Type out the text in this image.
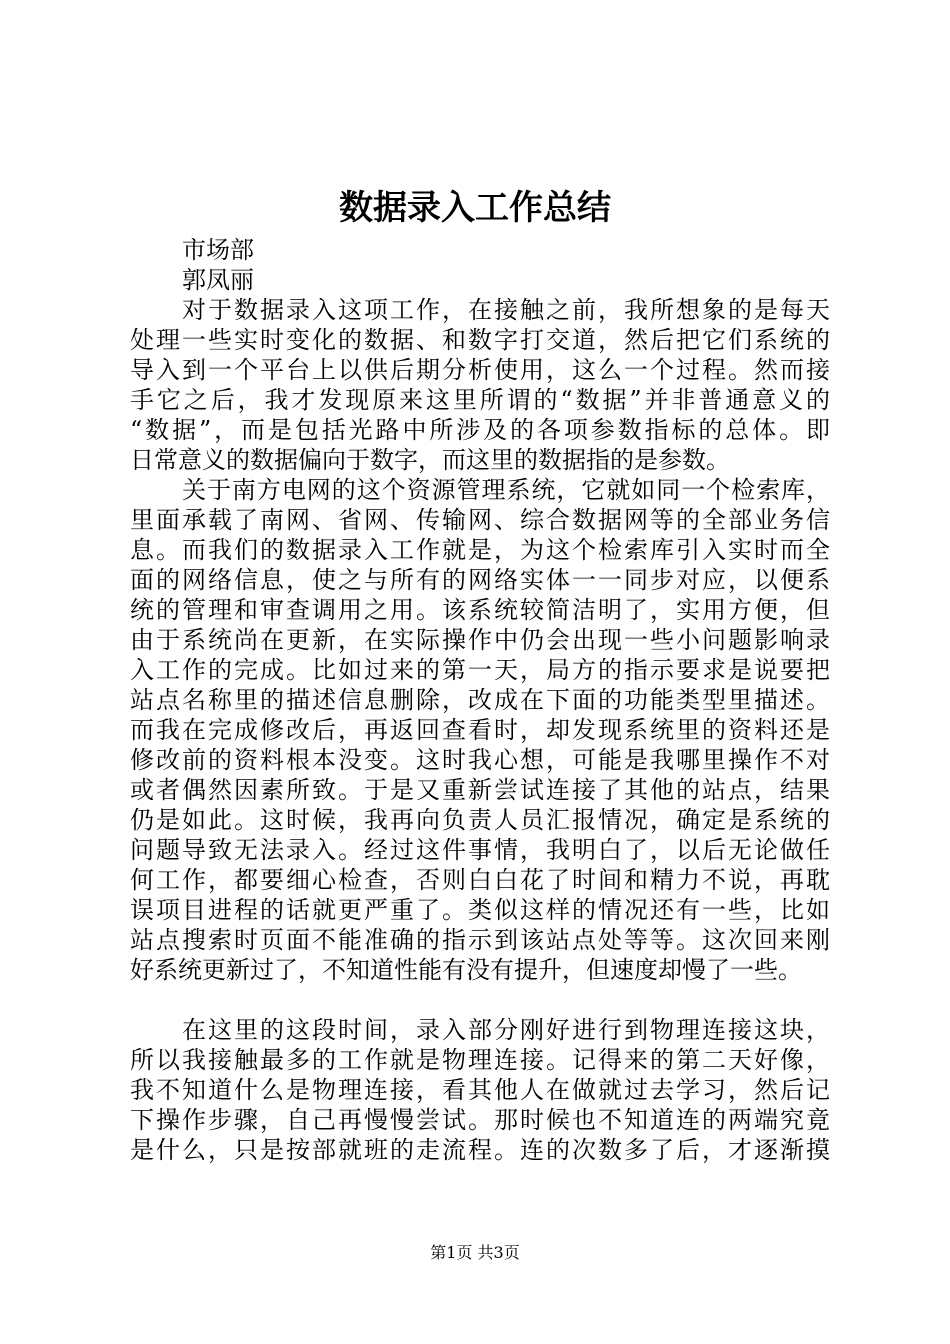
数据录入工作总结
市场部
郭凤丽
对于数据录入这项工作，在接触之前，我所想象的是每天
处理一些实时变化的数据、和数字打交道，然后把它们系统的
导入到一个平台上以供后期分析使用，这么一个过程。然而接
手它之后，我才发现原来这里所谓的“数据”并非普通意义的
“数据”，而是包括光路中所涉及的各项参数指标的总体。即
日常意义的数据偏向于数字，而这里的数据指的是参数。
关于南方电网的这个资源管理系统，它就如同一个检索库，
里面承载了南网、省网、传输网、综合数据网等的全部业务信
息。而我们的数据录入工作就是，为这个检索库引入实时而全
面的网络信息，使之与所有的网络实体一一同步对应，以便系
统的管理和审查调用之用。该系统较简洁明了，实用方便，但
由于系统尚在更新，在实际操作中仍会出现一些小问题影响录
入工作的完成。比如过来的第一天，局方的指示要求是说要把
站点名称里的描述信息删除，改成在下面的功能类型里描述。
而我在完成修改后，再返回查看时，却发现系统里的资料还是
修改前的资料根本没变。这时我心想，可能是我哪里操作不对
或者偶然因素所致。于是又重新尝试连接了其他的站点，结果
仍是如此。这时候，我再向负责人员汇报情况，确定是系统的
问题导致无法录入。经过这件事情，我明白了，以后无论做任
何工作，都要细心检查，否则白白花了时间和精力不说，再耽
误项目进程的话就更严重了。类似这样的情况还有一些，比如
站点搜索时页面不能准确的指示到该站点处等等。这次回来刚
好系统更新过了，不知道性能有没有提升，但速度却慢了一些。
在这里的这段时间，录入部分刚好进行到物理连接这块，
所以我接触最多的工作就是物理连接。记得来的第二天好像，
我不知道什么是物理连接，看其他人在做就过去学习，然后记
下操作步骤，自己再慢慢尝试。那时候也不知道连的两端究竟
是什么，只是按部就班的走流程。连的次数多了后，才逐渐摸
第1页 共3页
